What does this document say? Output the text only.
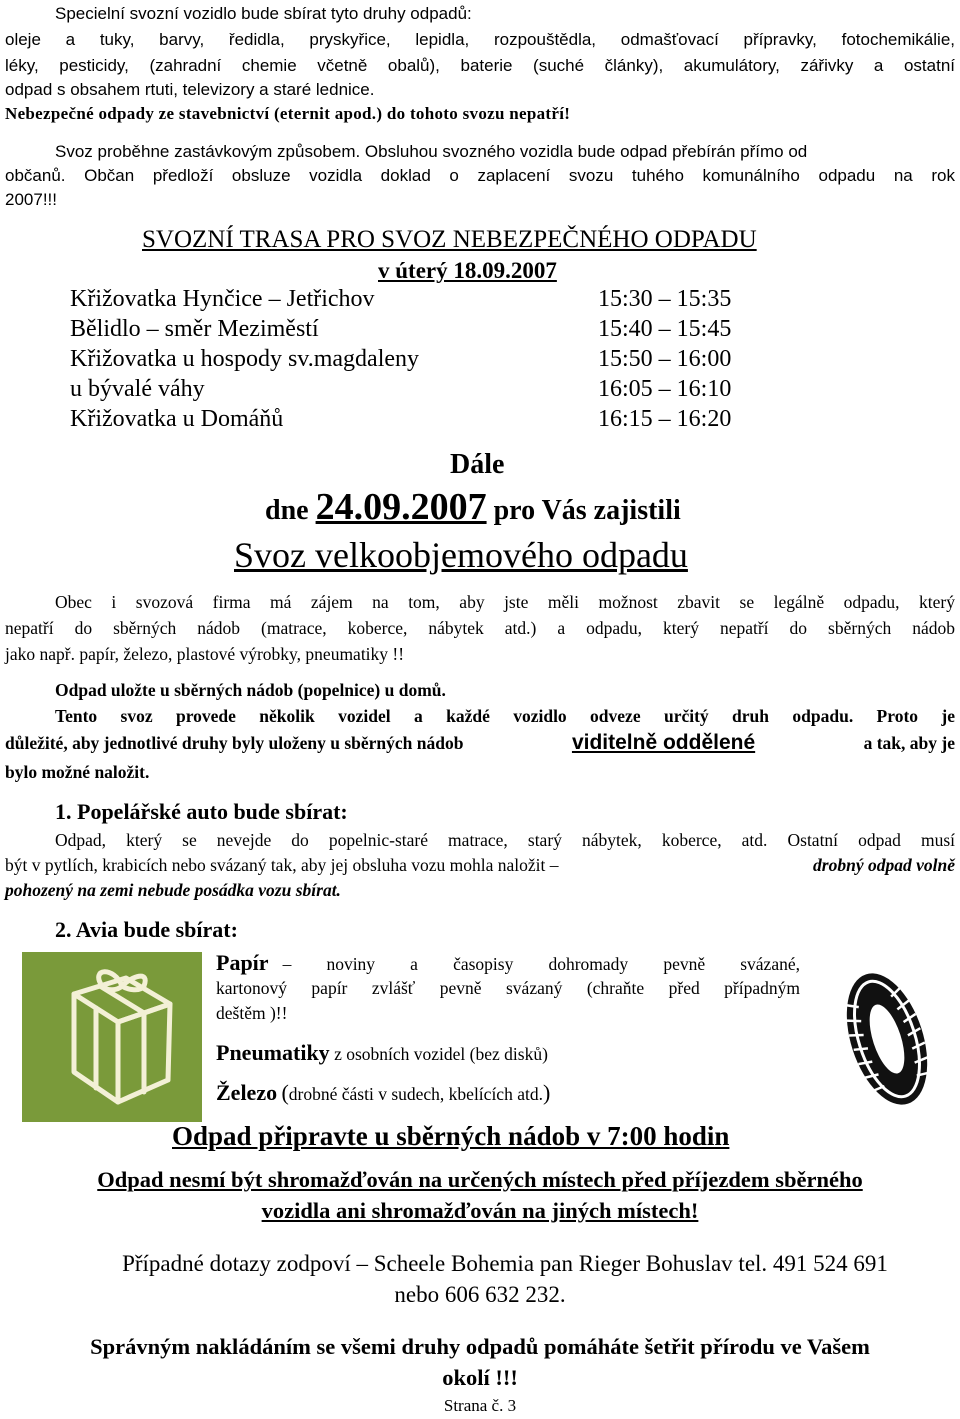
Specielní svozní vozidlo bude sbírat tyto druhy odpadů:
oleje a tuky, barvy, ředidla, pryskyřice, lepidla, rozpouštědla, odmašťovací přípravky, fotochemikálie,
léky, pesticidy, (zahradní chemie včetně obalů), baterie (suché články), akumulátory, zářivky a ostatní
odpad s obsahem rtuti, televizory a staré lednice.
Nebezpečné odpady ze stavebnictví (eternit apod.) do tohoto svozu nepatří!
Svoz proběhne zastávkovým způsobem. Obsluhou svozného vozidla bude odpad přebírán přímo od
občanů. Občan předloží obsluze vozidla doklad o zaplacení svozu tuhého komunálního odpadu na rok
2007!!!
SVOZNÍ TRASA PRO SVOZ NEBEZPEČNÉHO ODPADU
v úterý 18.09.2007
Křižovatka Hynčice – Jetřichov	15:30 – 15:35
Bělidlo – směr Meziměstí	15:40 – 15:45
Křižovatka u hospody sv.magdaleny	15:50 – 16:00
u bývalé váhy	16:05 – 16:10
Křižovatka u Domáňů	16:15 – 16:20
Dále
dne 24.09.2007 pro Vás zajistili
Svoz velkoobjemového odpadu
Obec i svozová firma má zájem na tom, aby jste měli možnost zbavit se legálně odpadu, který
nepatří do sběrných nádob (matrace, koberce, nábytek atd.) a odpadu, který nepatří do sběrných nádob
jako např. papír, železo, plastové výrobky, pneumatiky !!
Odpad uložte u sběrných nádob (popelnice) u domů.
Tento svoz provede několik vozidel a každé vozidlo odveze určitý druh odpadu. Proto je
důležité, aby jednotlivé druhy byly uloženy u sběrných nádob	viditelně oddělené	a tak, aby je
bylo možné naložit.
1. Popelářské auto bude sbírat:
Odpad, který se nevejde do popelnic-staré matrace, starý nábytek, koberce, atd. Ostatní odpad musí
být v pytlích, krabicích nebo svázaný tak, aby jej obsluha vozu mohla naložit –	drobný odpad volně
pohozený na zemi nebude posádka vozu sbírat.
2. Avia bude sbírat:
Papír – noviny a časopisy dohromady pevně svázané,
kartonový papír zvlášť pevně svázaný (chraňte před případným
deštěm )!!
Pneumatiky z osobních vozidel (bez disků)
Železo (drobné části v sudech, kbelících atd.)
Odpad připravte u sběrných nádob v 7:00 hodin
Odpad nesmí být shromažďován na určených místech před příjezdem sběrného
vozidla ani shromažďován na jiných místech!
Případné dotazy zodpoví – Scheele Bohemia pan Rieger Bohuslav tel. 491 524 691
nebo 606 632 232.
Správným nakládáním se všemi druhy odpadů pomáháte šetřit přírodu ve Vašem
okolí !!!
Strana č. 3
